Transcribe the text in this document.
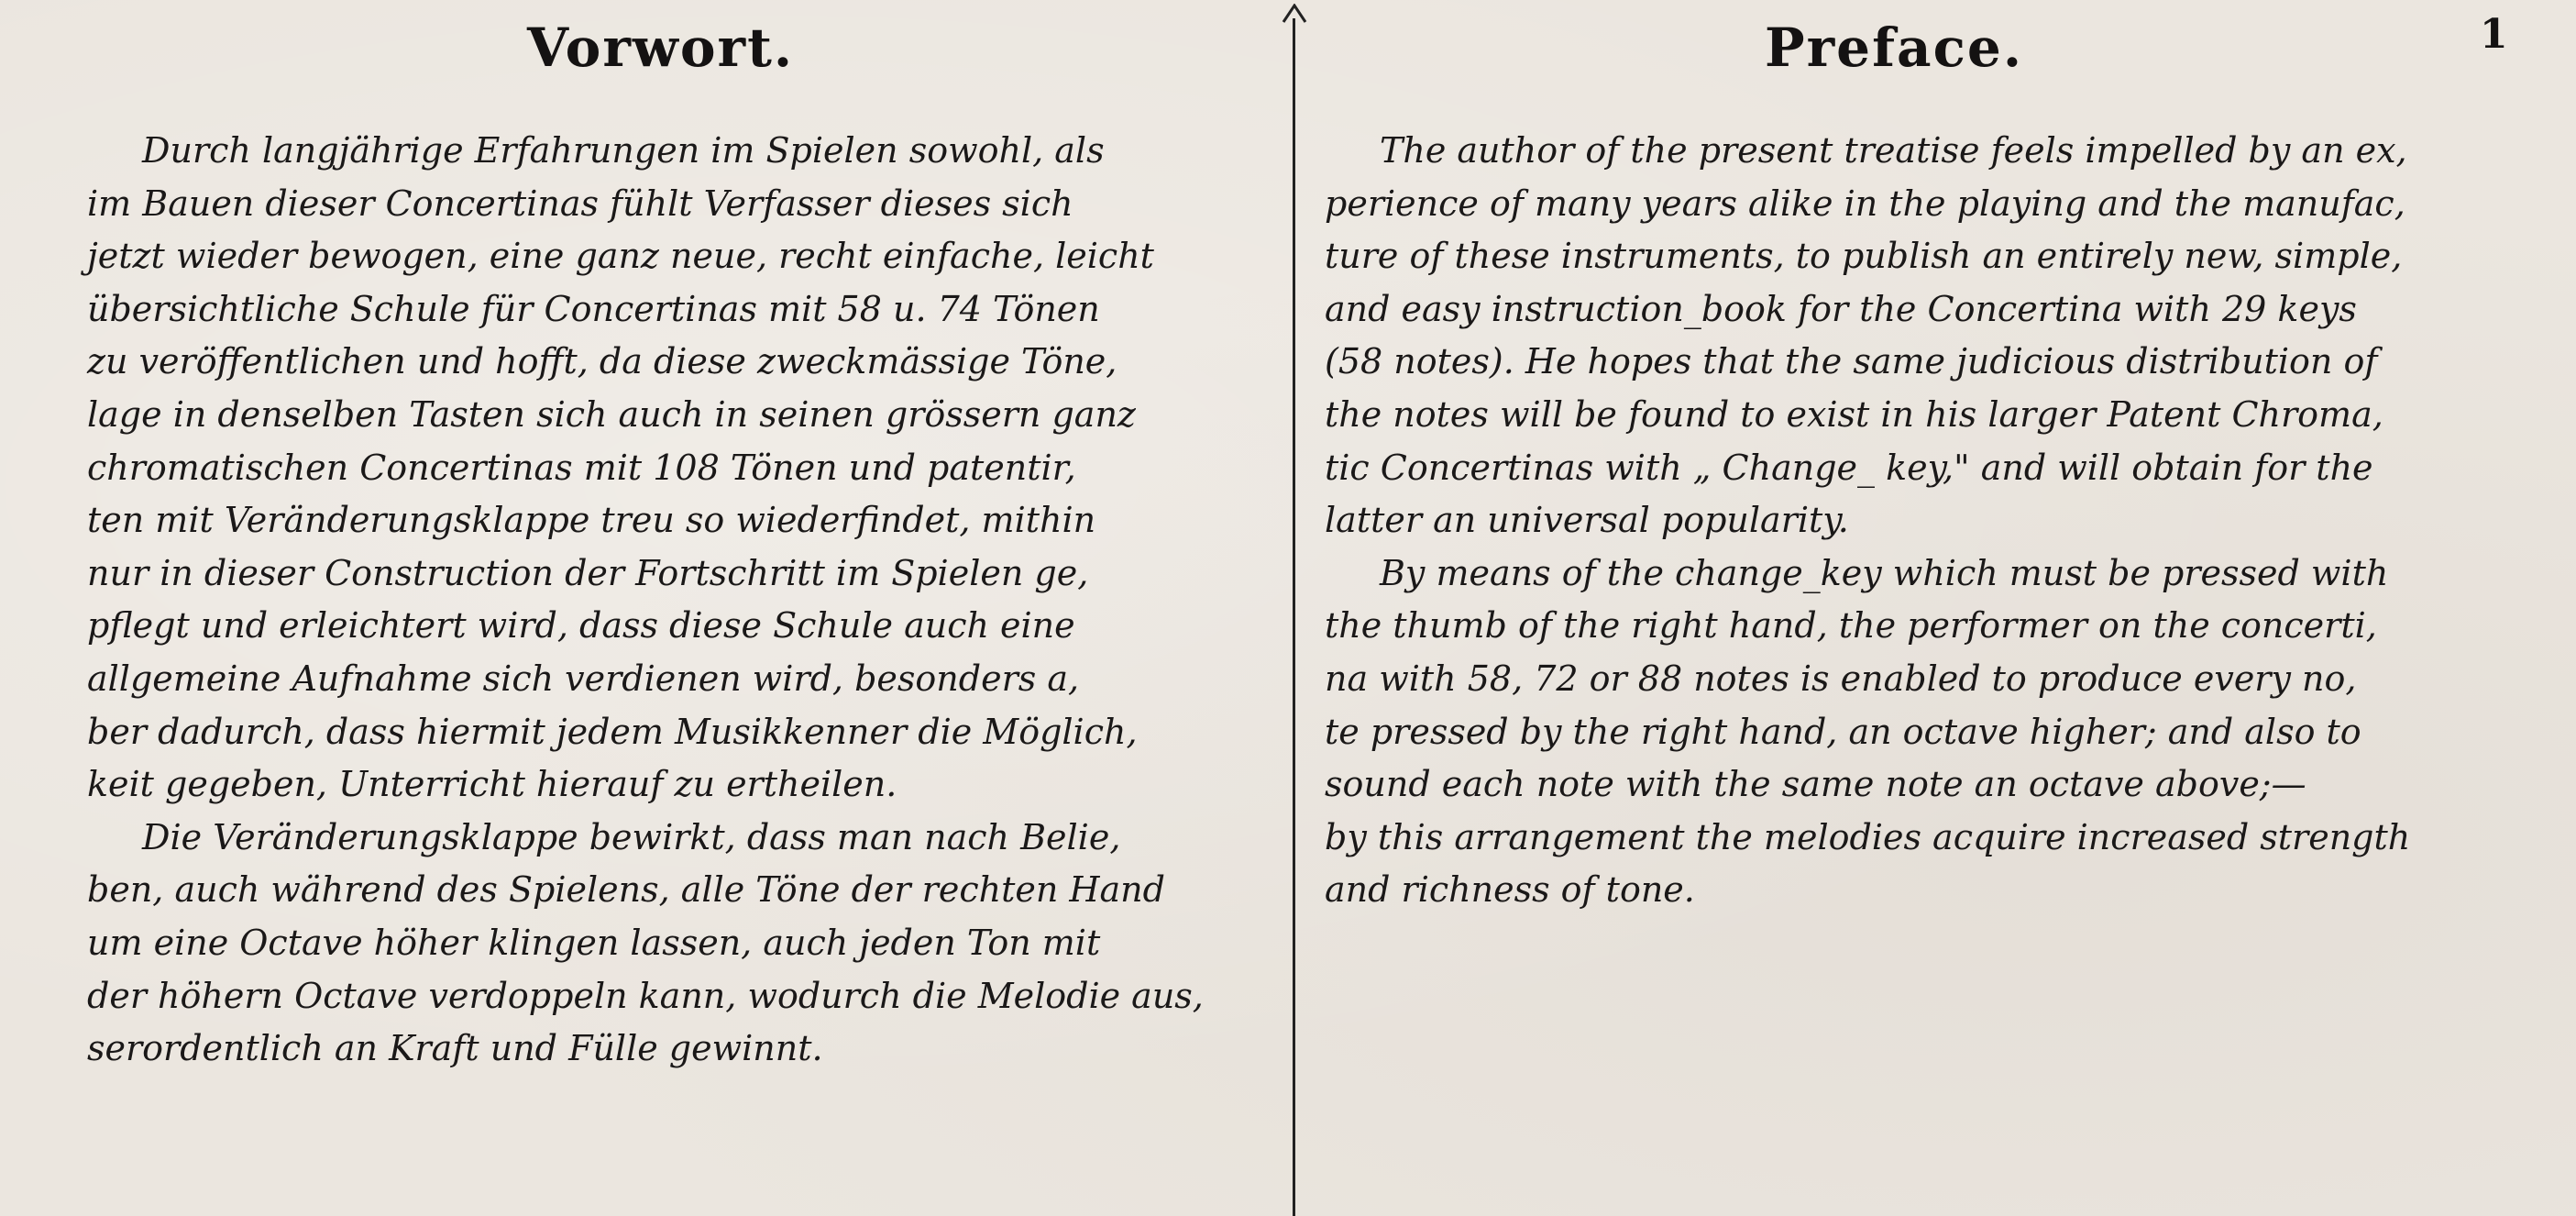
Vorwort.
Durch langjährige Erfahrungen im Spielen sowohl, als
im Bauen dieser Concertinas fühlt Verfasser dieses sich
jetzt wieder bewogen, eine ganz neue, recht einfache, leicht
übersichtliche Schule für Concertinas mit 58 u. 74 Tönen
zu veröffentlichen und hofft, da diese zweckmässige Töne,
lage in denselben Tasten sich auch in seinen grössern ganz
chromatischen Concertinas mit 108 Tönen und patentir,
ten mit Veränderungsklappe treu so wiederfindet, mithin
nur in dieser Construction der Fortschritt im Spielen ge,
pflegt und erleichtert wird, dass diese Schule auch eine
allgemeine Aufnahme sich verdienen wird, besonders a,
ber dadurch, dass hiermit jedem Musikkenner die Möglich,
keit gegeben, Unterricht hierauf zu ertheilen.
Die Veränderungsklappe bewirkt, dass man nach Belie,
ben, auch während des Spielens, alle Töne der rechten Hand
um eine Octave höher klingen lassen, auch jeden Ton mit
der höhern Octave verdoppeln kann, wodurch die Melodie aus,
serordentlich an Kraft und Fülle gewinnt.
Preface.
The author of the present treatise feels impelled by an ex,
perience of many years alike in the playing and the manufac,
ture of these instruments, to publish an entirely new, simple,
and easy instruction_book for the Concertina with 29 keys
(58 notes). He hopes that the same judicious distribution of
the notes will be found to exist in his larger Patent Chroma,
tic Concertinas with „ Change_ key," and will obtain for the
latter an universal popularity.
By means of the change_key which must be pressed with
the thumb of the right hand, the performer on the concerti,
na with 58, 72 or 88 notes is enabled to produce every no,
te pressed by the right hand, an octave higher; and also to
sound each note with the same note an octave above;—
by this arrangement the melodies acquire increased strength
and richness of tone.
1
